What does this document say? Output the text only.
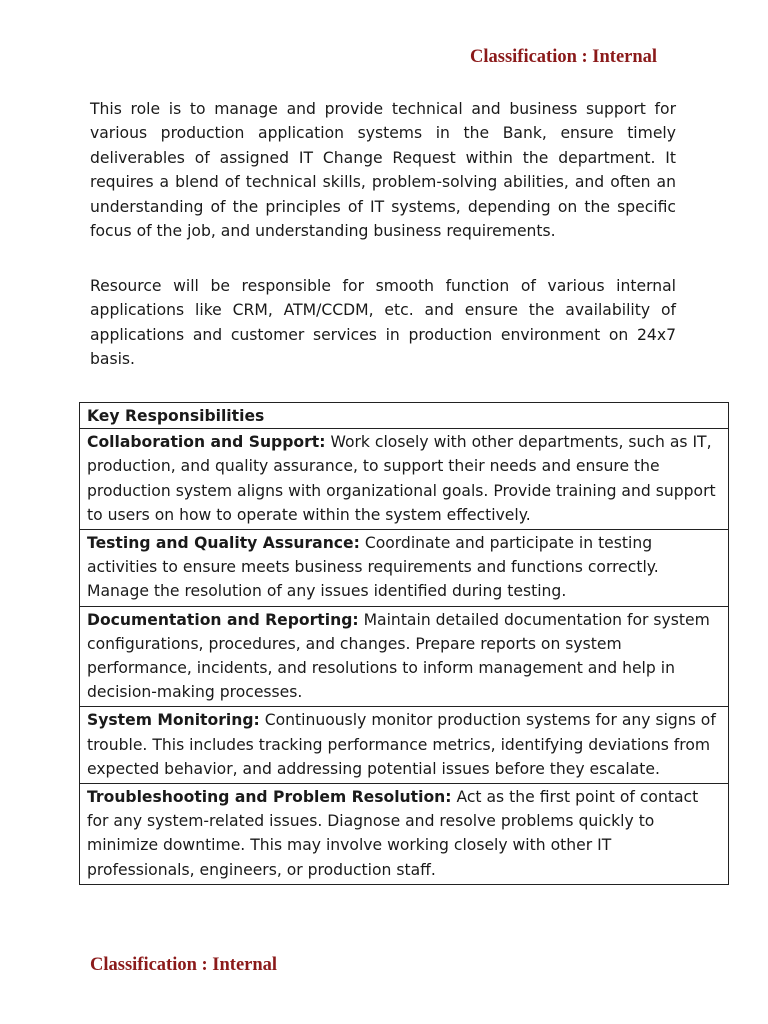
Classification : Internal

This role is to manage and provide technical and business support for various production application systems in the Bank, ensure timely deliverables of assigned IT Change Request within the department. It requires a blend of technical skills, problem-solving abilities, and often an understanding of the principles of IT systems, depending on the specific focus of the job, and understanding business requirements.

Resource will be responsible for smooth function of various internal applications like CRM, ATM/CCDM, etc. and ensure the availability of applications and customer services in production environment on 24x7 basis.

Key Responsibilities
Collaboration and Support: Work closely with other departments, such as IT, production, and quality assurance, to support their needs and ensure the production system aligns with organizational goals. Provide training and support to users on how to operate within the system effectively.
Testing and Quality Assurance: Coordinate and participate in testing activities to ensure meets business requirements and functions correctly. Manage the resolution of any issues identified during testing.
Documentation and Reporting: Maintain detailed documentation for system configurations, procedures, and changes. Prepare reports on system performance, incidents, and resolutions to inform management and help in decision-making processes.
System Monitoring: Continuously monitor production systems for any signs of trouble. This includes tracking performance metrics, identifying deviations from expected behavior, and addressing potential issues before they escalate.
Troubleshooting and Problem Resolution: Act as the first point of contact for any system-related issues. Diagnose and resolve problems quickly to minimize downtime. This may involve working closely with other IT professionals, engineers, or production staff.

Classification : Internal
